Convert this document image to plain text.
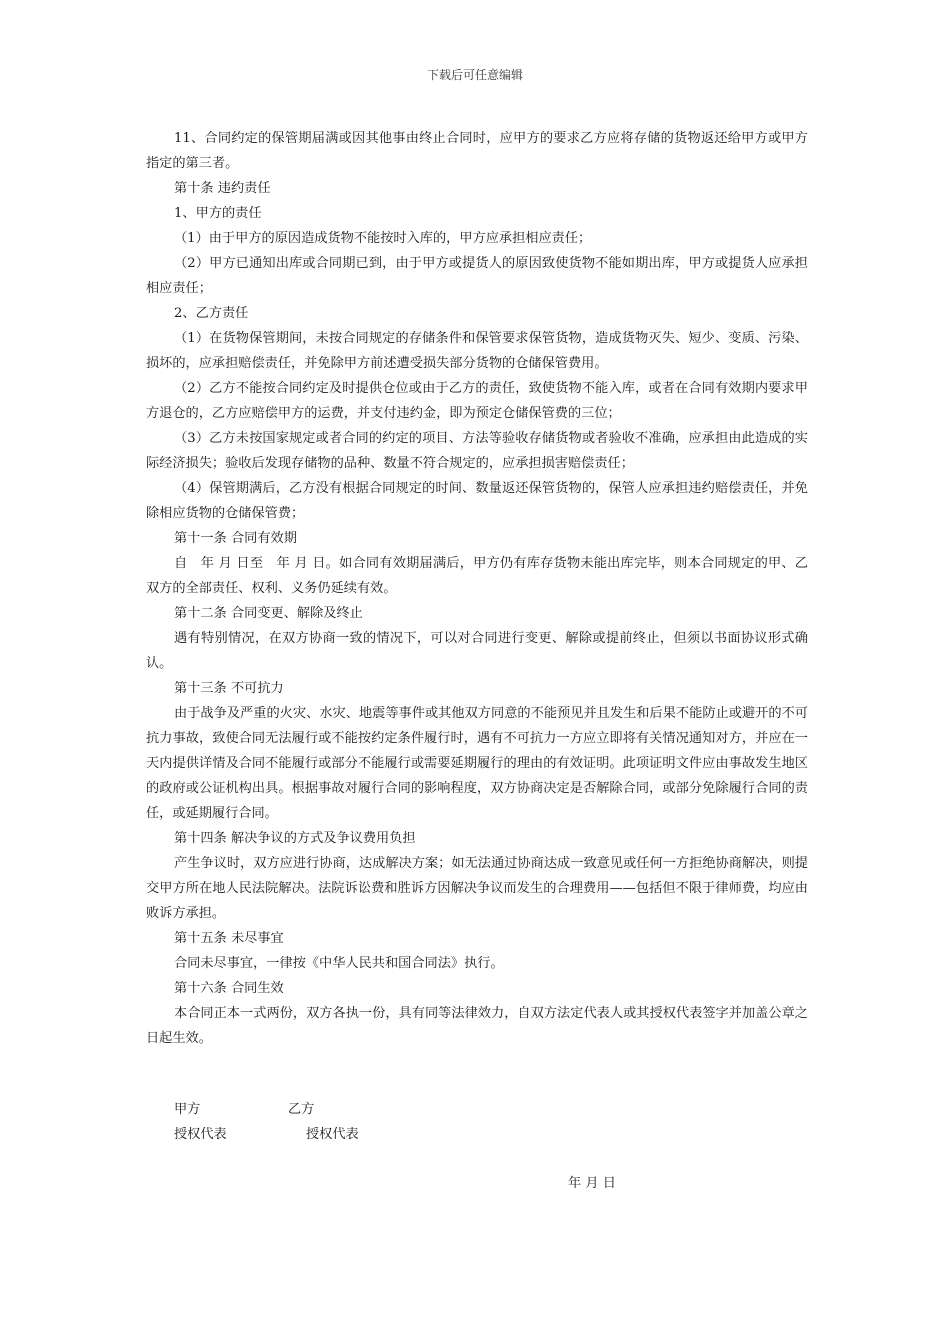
下载后可任意编辑

11、合同约定的保管期届满或因其他事由终止合同时，应甲方的要求乙方应将存储的货物返还给甲方或甲方指定的第三者。

第十条 违约责任

1、甲方的责任

（1）由于甲方的原因造成货物不能按时入库的，甲方应承担相应责任；

（2）甲方已通知出库或合同期已到，由于甲方或提货人的原因致使货物不能如期出库，甲方或提货人应承担相应责任；

2、乙方责任

（1）在货物保管期间，未按合同规定的存储条件和保管要求保管货物，造成货物灭失、短少、变质、污染、损坏的，应承担赔偿责任，并免除甲方前述遭受损失部分货物的仓储保管费用。

（2）乙方不能按合同约定及时提供仓位或由于乙方的责任，致使货物不能入库，或者在合同有效期内要求甲方退仓的，乙方应赔偿甲方的运费，并支付违约金，即为预定仓储保管费的三位；

（3）乙方未按国家规定或者合同的约定的项目、方法等验收存储货物或者验收不准确，应承担由此造成的实际经济损失；验收后发现存储物的品种、数量不符合规定的，应承担损害赔偿责任；

（4）保管期满后，乙方没有根据合同规定的时间、数量返还保管货物的，保管人应承担违约赔偿责任，并免除相应货物的仓储保管费；

第十一条 合同有效期

自　年 月 日至　年 月 日。如合同有效期届满后，甲方仍有库存货物未能出库完毕，则本合同规定的甲、乙双方的全部责任、权利、义务仍延续有效。

第十二条 合同变更、解除及终止

遇有特别情况，在双方协商一致的情况下，可以对合同进行变更、解除或提前终止，但须以书面协议形式确认。

第十三条 不可抗力

由于战争及严重的火灾、水灾、地震等事件或其他双方同意的不能预见并且发生和后果不能防止或避开的不可抗力事故，致使合同无法履行或不能按约定条件履行时，遇有不可抗力一方应立即将有关情况通知对方，并应在一天内提供详情及合同不能履行或部分不能履行或需要延期履行的理由的有效证明。此项证明文件应由事故发生地区的政府或公证机构出具。根据事故对履行合同的影响程度，双方协商决定是否解除合同，或部分免除履行合同的责任，或延期履行合同。

第十四条 解决争议的方式及争议费用负担

产生争议时，双方应进行协商，达成解决方案；如无法通过协商达成一致意见或任何一方拒绝协商解决，则提交甲方所在地人民法院解决。法院诉讼费和胜诉方因解决争议而发生的合理费用——包括但不限于律师费，均应由败诉方承担。

第十五条 未尽事宜

合同未尽事宜，一律按《中华人民共和国合同法》执行。

第十六条 合同生效

本合同正本一式两份，双方各执一份，具有同等法律效力，自双方法定代表人或其授权代表签字并加盖公章之日起生效。

甲方	乙方
授权代表	授权代表
年 月 日
